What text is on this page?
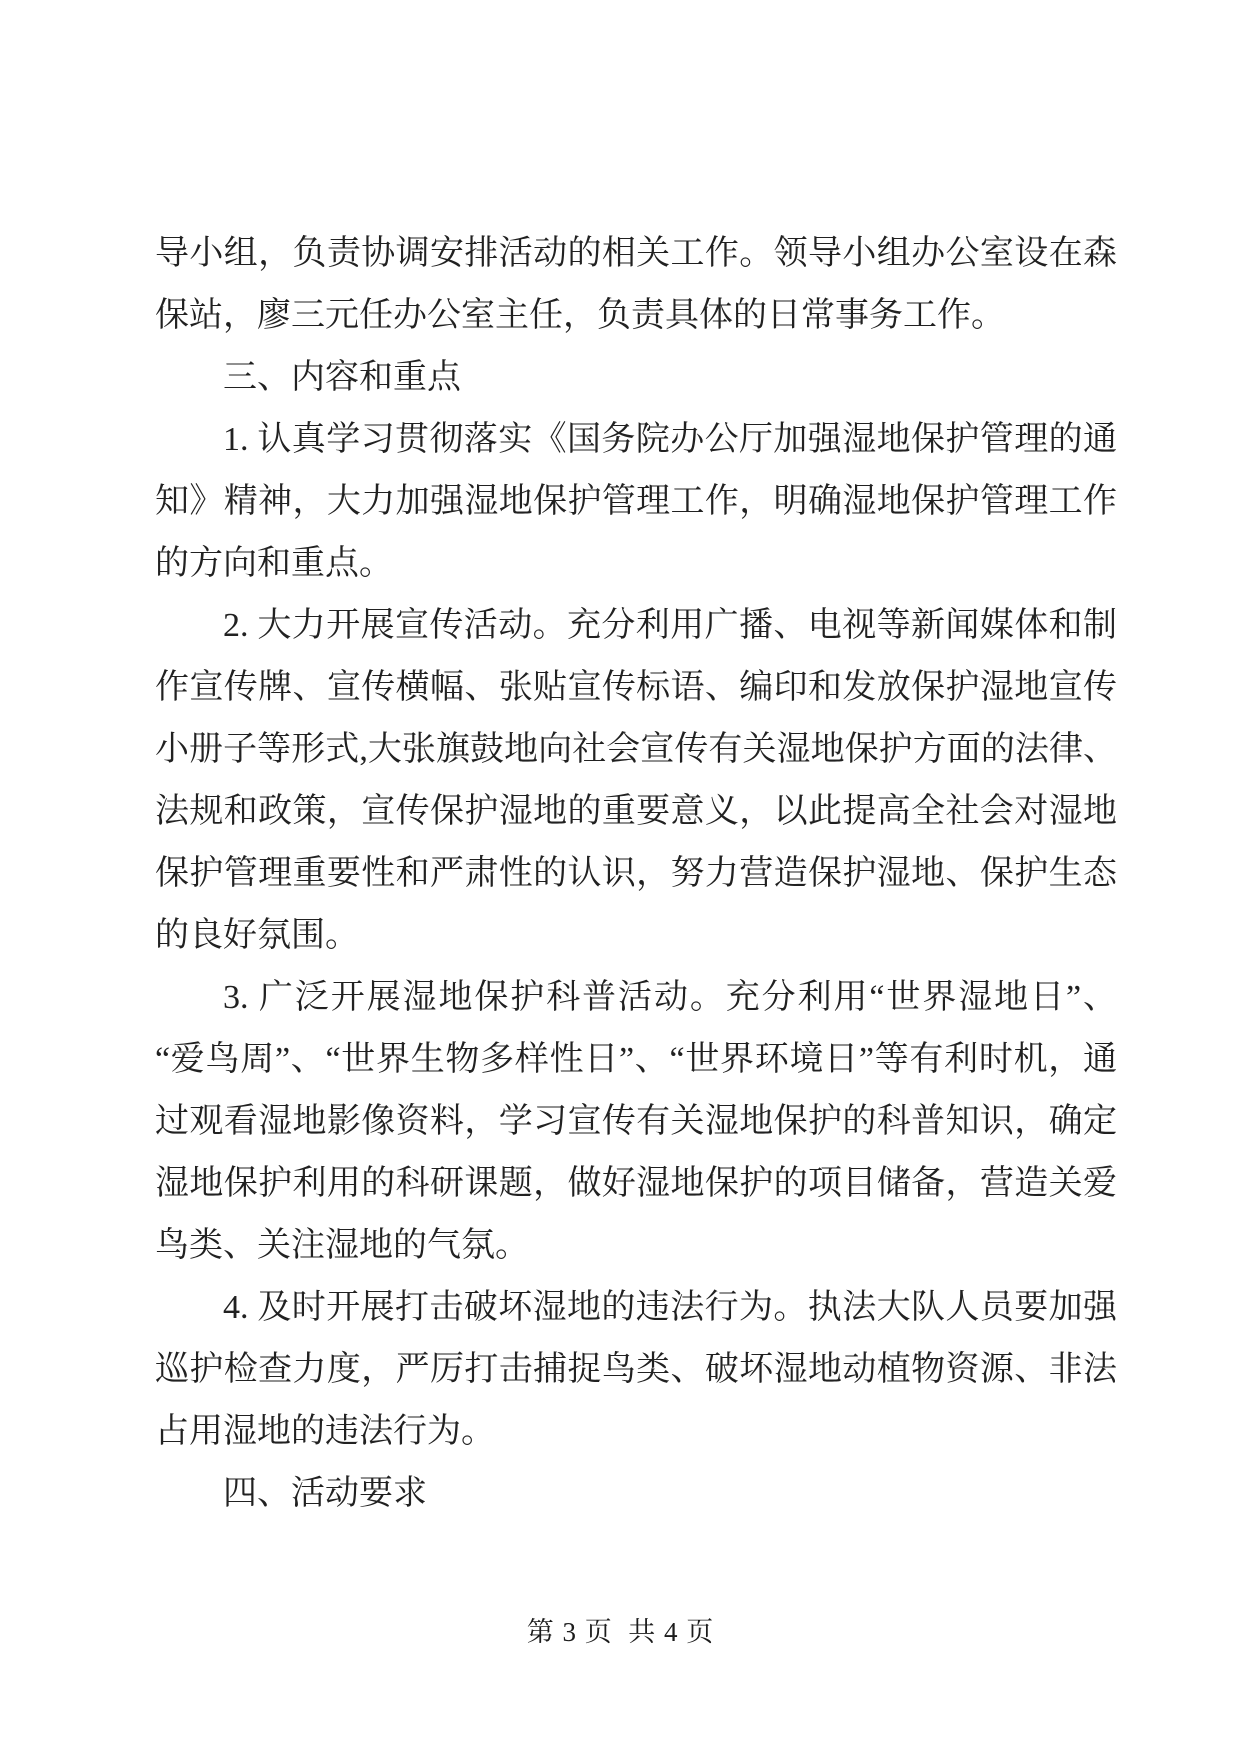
导小组，负责协调安排活动的相关工作。领导小组办公室设在森保站，廖三元任办公室主任，负责具体的日常事务工作。

三、内容和重点

1. 认真学习贯彻落实《国务院办公厅加强湿地保护管理的通知》精神，大力加强湿地保护管理工作，明确湿地保护管理工作的方向和重点。

2. 大力开展宣传活动。充分利用广播、电视等新闻媒体和制作宣传牌、宣传横幅、张贴宣传标语、编印和发放保护湿地宣传小册子等形式,大张旗鼓地向社会宣传有关湿地保护方面的法律、法规和政策，宣传保护湿地的重要意义，以此提高全社会对湿地保护管理重要性和严肃性的认识，努力营造保护湿地、保护生态的良好氛围。

3. 广泛开展湿地保护科普活动。充分利用“世界湿地日”、“爱鸟周”、“世界生物多样性日”、“世界环境日”等有利时机，通过观看湿地影像资料，学习宣传有关湿地保护的科普知识，确定湿地保护利用的科研课题，做好湿地保护的项目储备，营造关爱鸟类、关注湿地的气氛。

4. 及时开展打击破坏湿地的违法行为。执法大队人员要加强巡护检查力度，严厉打击捕捉鸟类、破坏湿地动植物资源、非法占用湿地的违法行为。

四、活动要求

第 3 页  共 4 页
